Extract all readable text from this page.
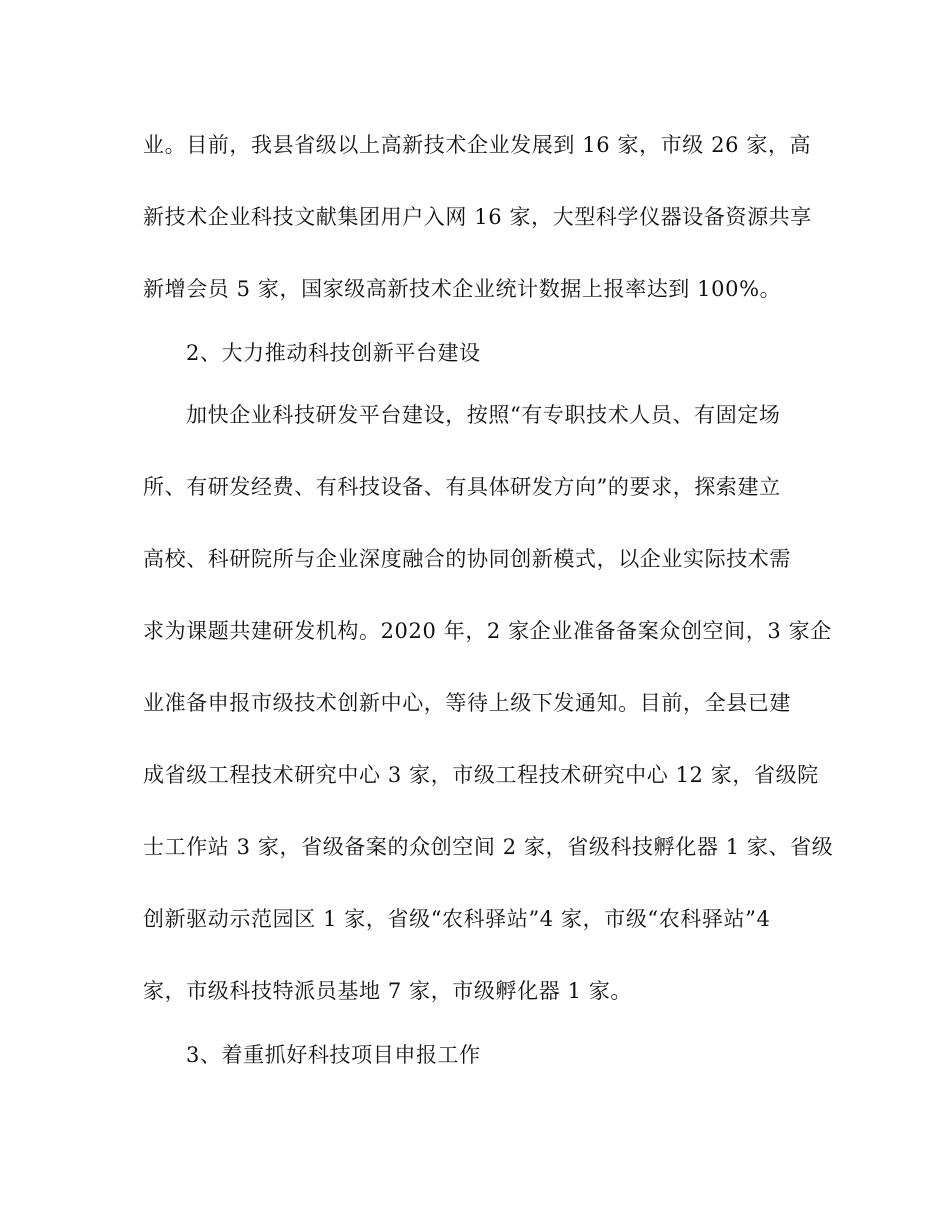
业。目前，我县省级以上高新技术企业发展到 16 家，市级 26 家，高
新技术企业科技文献集团用户入网 16 家，大型科学仪器设备资源共享
新增会员 5 家，国家级高新技术企业统计数据上报率达到 100%。
2、大力推动科技创新平台建设
加快企业科技研发平台建设，按照“有专职技术人员、有固定场
所、有研发经费、有科技设备、有具体研发方向”的要求，探索建立
高校、科研院所与企业深度融合的协同创新模式，以企业实际技术需
求为课题共建研发机构。2020 年，2 家企业准备备案众创空间，3 家企
业准备申报市级技术创新中心，等待上级下发通知。目前，全县已建
成省级工程技术研究中心 3 家，市级工程技术研究中心 12 家，省级院
士工作站 3 家，省级备案的众创空间 2 家，省级科技孵化器 1 家、省级
创新驱动示范园区 1 家，省级“农科驿站”4 家，市级“农科驿站”4
家，市级科技特派员基地 7 家，市级孵化器 1 家。
3、着重抓好科技项目申报工作
